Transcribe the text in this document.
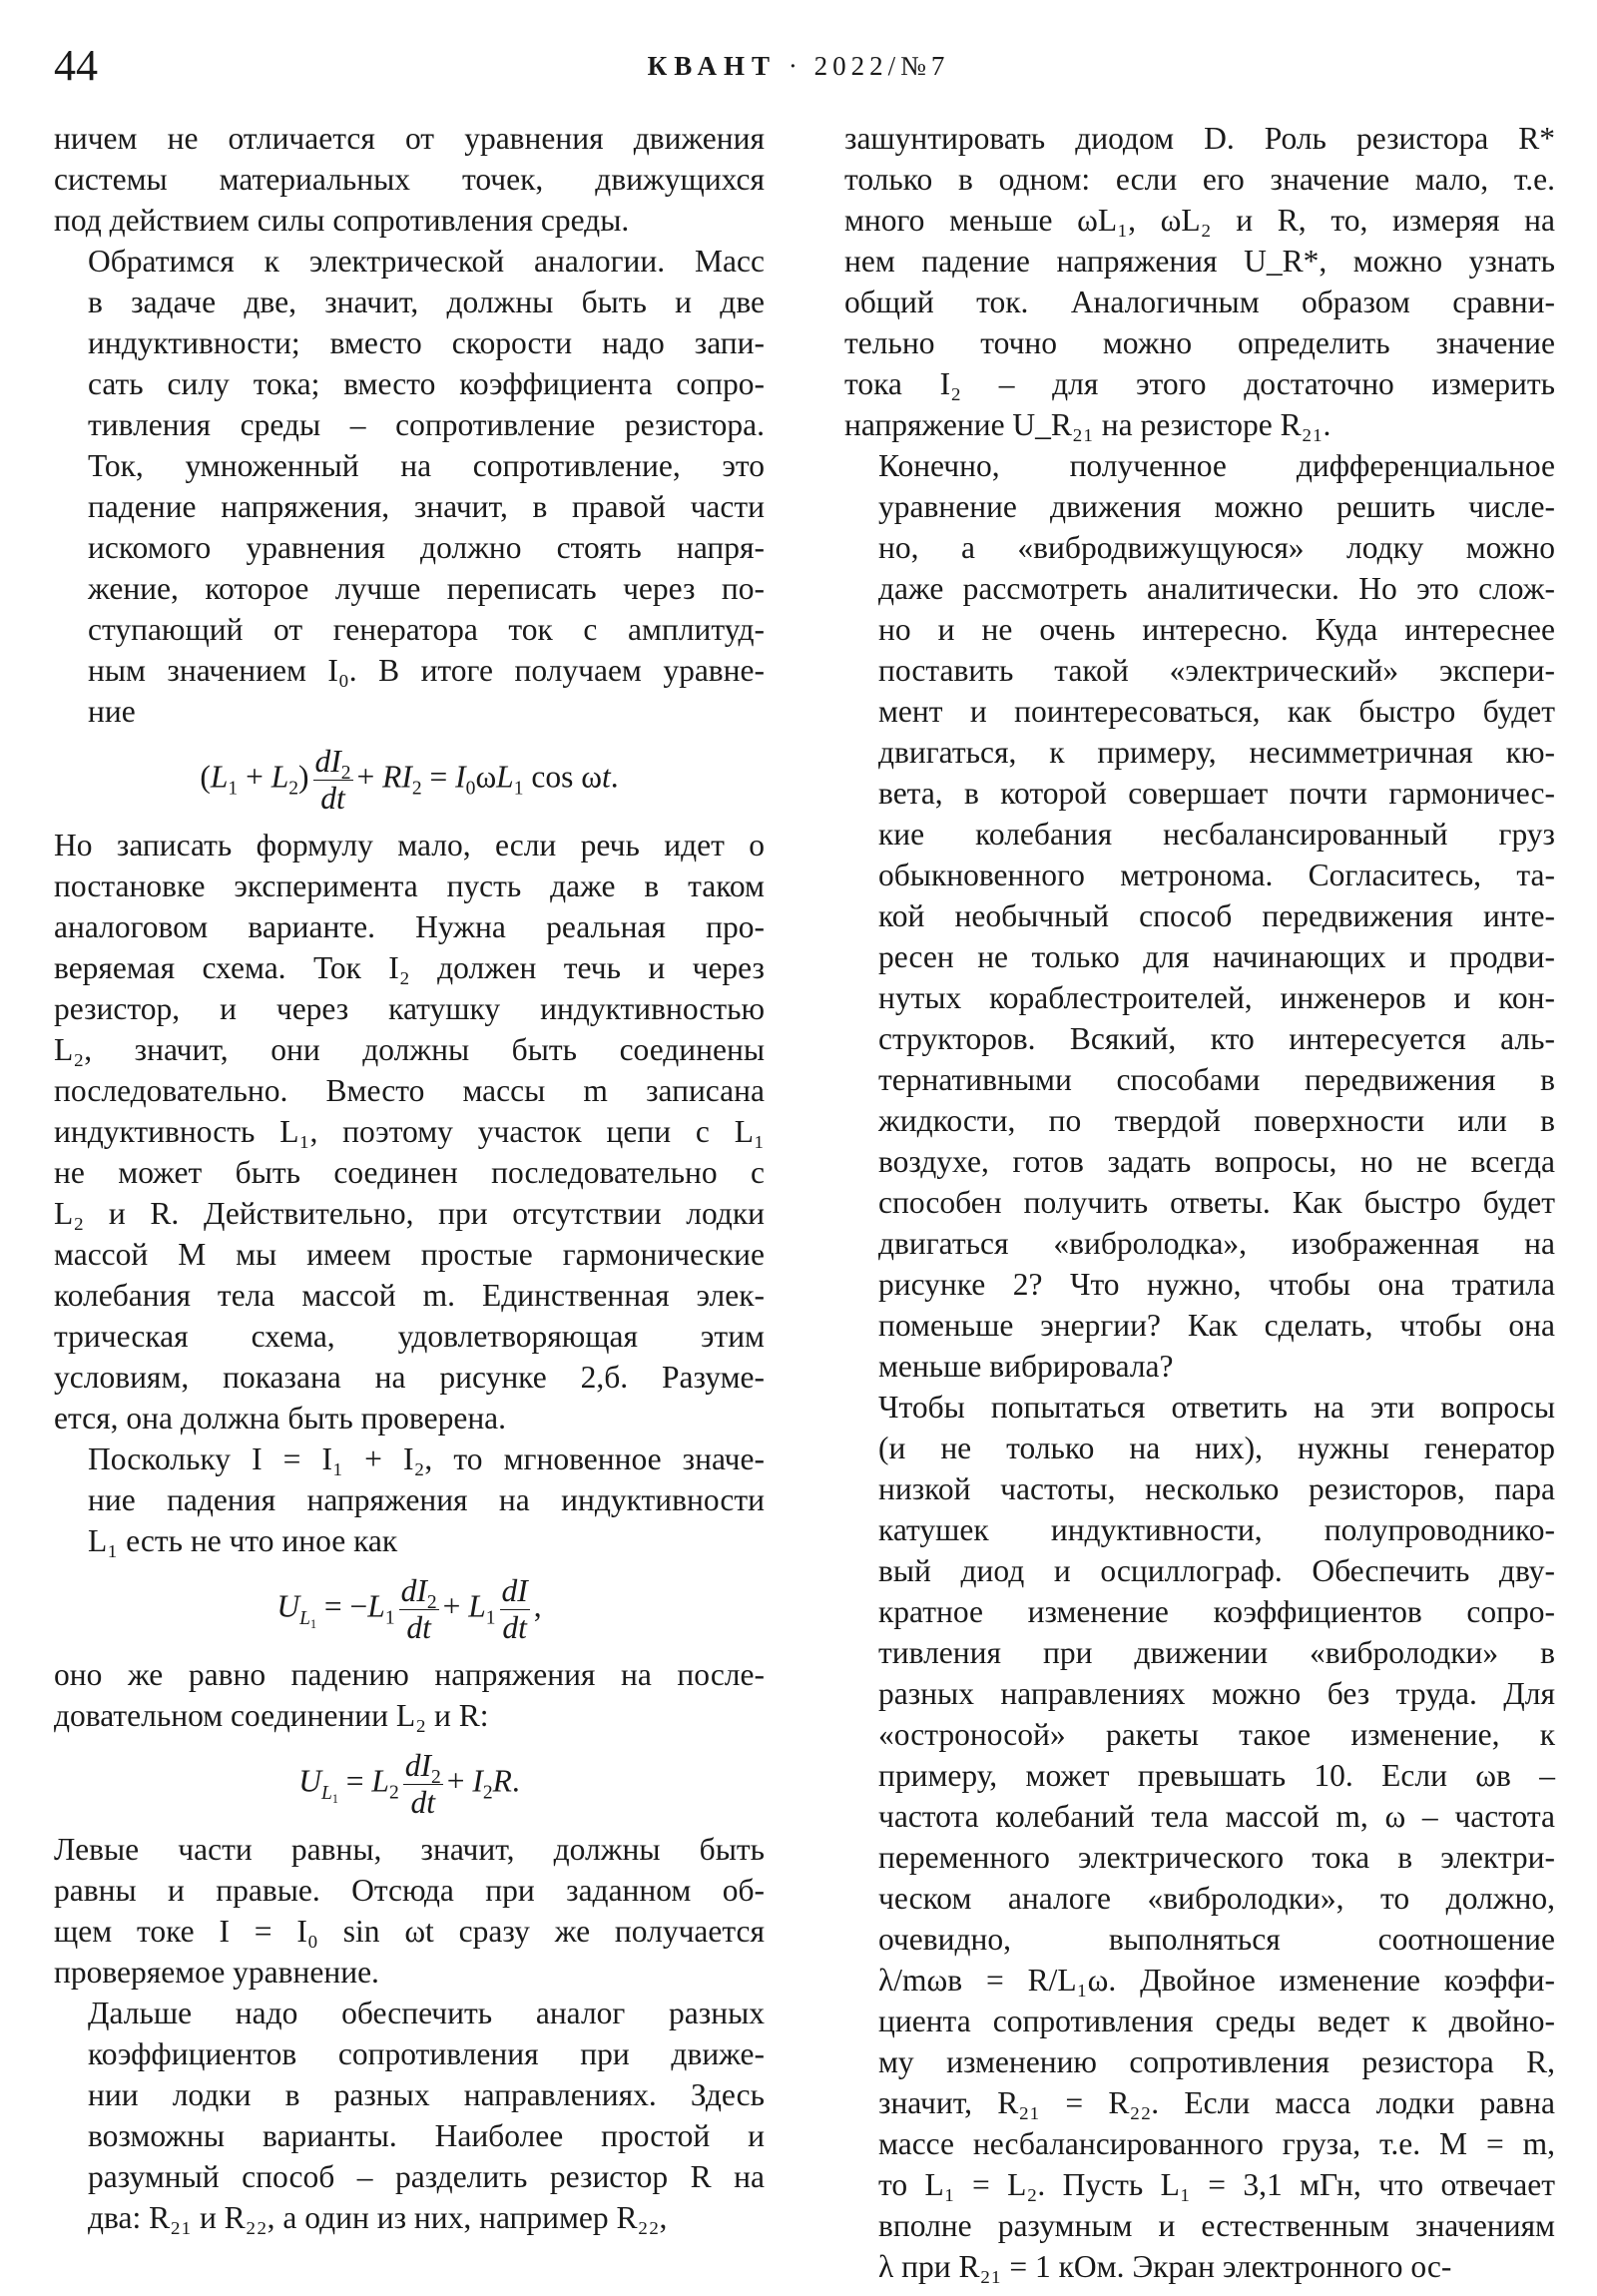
44	КВАНТ · 2022/№7

ничем не отличается от уравнения движения
системы материальных точек, движущихся
под действием силы сопротивления среды.

Обратимся к электрической аналогии. Масс
в задаче две, значит, должны быть и две
индуктивности; вместо скорости надо запи-
сать силу тока; вместо коэффициента сопро-
тивления среды – сопротивление резистора.
Ток, умноженный на сопротивление, это
падение напряжения, значит, в правой части
искомого уравнения должно стоять напря-
жение, которое лучше переписать через по-
ступающий от генератора ток с амплитуд-
ным значением I₀. В итоге получаем уравне-
ние

$(L_1 + L_2) \frac{dI_2}{dt} + RI_2 = I_0\omega L_1$ cos ωt.

Но записать формулу мало, если речь идет о
постановке эксперимента пусть даже в таком
аналоговом варианте. Нужна реальная про-
веряемая схема. Ток I₂ должен течь и через
резистор, и через катушку индуктивностью
L₂, значит, они должны быть соединены
последовательно. Вместо массы m записана
индуктивность L₁, поэтому участок цепи с L₁
не может быть соединен последовательно с
L₂ и R. Действительно, при отсутствии лодки
массой M мы имеем простые гармонические
колебания тела массой m. Единственная элек-
трическая схема, удовлетворяющая этим
условиям, показана на рисунке 2,б. Разуме-
ется, она должна быть проверена.

Поскольку I = I₁ + I₂, то мгновенное значе-
ние падения напряжения на индуктивности
L₁ есть не что иное как

$U_{L_1} = -L_1 \frac{dI_2}{dt} + L_1 \frac{dI}{dt}$ ,

оно же равно падению напряжения на после-
довательном соединении L₂ и R:

$U_{L_1} = L_2 \frac{dI_2}{dt} + I_2R$.

Левые части равны, значит, должны быть
равны и правые. Отсюда при заданном об-
щем токе I = I₀ sin ωt сразу же получается
проверяемое уравнение.

Дальше надо обеспечить аналог разных
коэффициентов сопротивления при движе-
нии лодки в разных направлениях. Здесь
возможны варианты. Наиболее простой и
разумный способ – разделить резистор R на
два: R₂₁ и R₂₂, а один из них, например R₂₂,

зашунтировать диодом D. Роль резистора R*
только в одном: если его значение мало, т.е.
много меньше ωL₁, ωL₂ и R, то, измеряя на
нем падение напряжения U_R*, можно узнать
общий ток. Аналогичным образом сравни-
тельно точно можно определить значение
тока I₂ – для этого достаточно измерить
напряжение U_R₂₁ на резисторе R₂₁.

Конечно, полученное дифференциальное
уравнение движения можно решить числе-
но, а «вибродвижущуюся» лодку можно
даже рассмотреть аналитически. Но это слож-
но и не очень интересно. Куда интереснее
поставить такой «электрический» экспери-
мент и поинтересоваться, как быстро будет
двигаться, к примеру, несимметричная кю-
вета, в которой совершает почти гармоничес-
кие колебания несбалансированный груз
обыкновенного метронома. Согласитесь, та-
кой необычный способ передвижения инте-
ресен не только для начинающих и продви-
нутых кораблестроителей, инженеров и кон-
структоров. Всякий, кто интересуется аль-
тернативными способами передвижения в
жидкости, по твердой поверхности или в
воздухе, готов задать вопросы, но не всегда
способен получить ответы. Как быстро будет
двигаться «вибролодка», изображенная на
рисунке 2? Что нужно, чтобы она тратила
поменьше энергии? Как сделать, чтобы она
меньше вибрировала?

Чтобы попытаться ответить на эти вопросы
(и не только на них), нужны генератор
низкой частоты, несколько резисторов, пара
катушек индуктивности, полупроводнико-
вый диод и осциллограф. Обеспечить дву-
кратное изменение коэффициентов сопро-
тивления при движении «вибролодки» в
разных направлениях можно без труда. Для
«остроносой» ракеты такое изменение, к
примеру, может превышать 10. Если ωв –
частота колебаний тела массой m, ω – частота
переменного электрического тока в электри-
ческом аналоге «вибролодки», то должно,
очевидно, выполняться соотношение
λ/mωв = R/L₁ω. Двойное изменение коэффи-
циента сопротивления среды ведет к двойно-
му изменению сопротивления резистора R,
значит, R₂₁ = R₂₂. Если масса лодки равна
массе несбалансированного груза, т.е. M = m,
то L₁ = L₂. Пусть L₁ = 3,1 мГн, что отвечает
вполне разумным и естественным значениям
λ при R₂₁ = 1 кОм. Экран электронного ос-
